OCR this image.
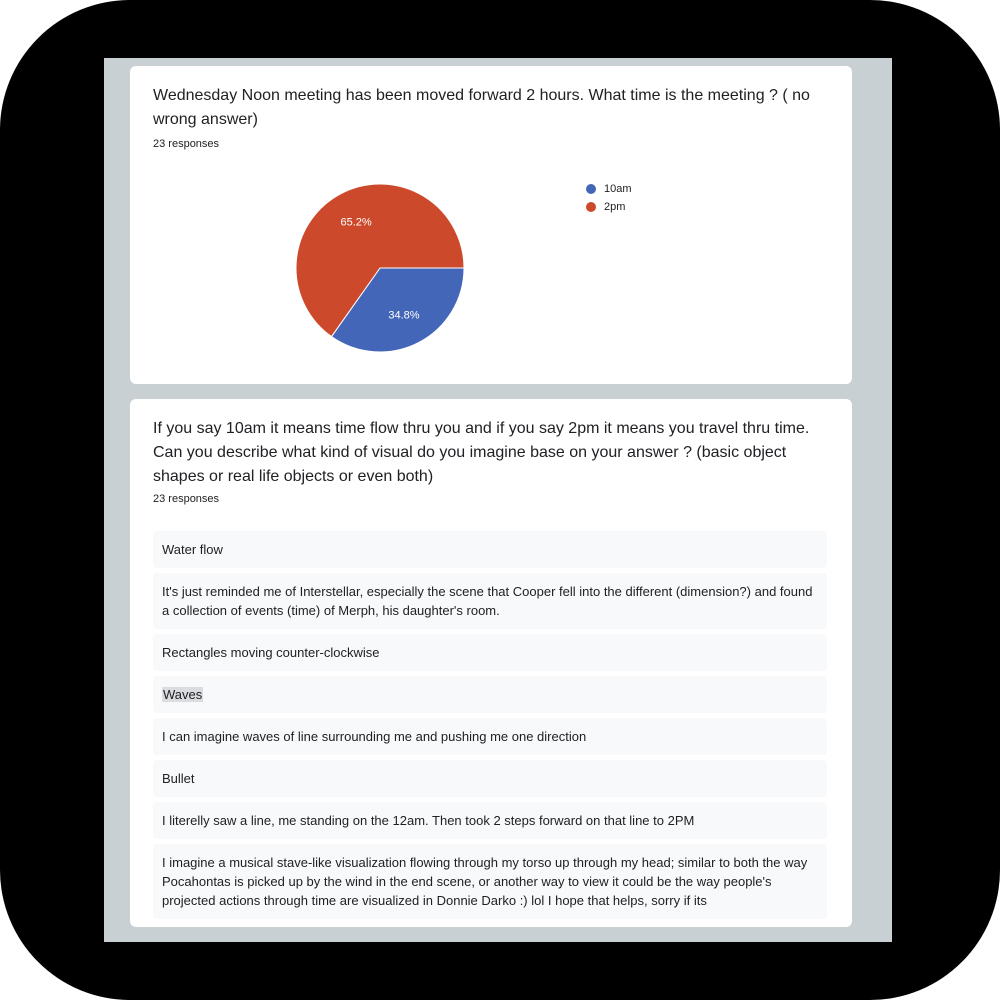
Wednesday Noon meeting has been moved forward 2 hours. What time is the meeting ? ( no wrong answer)
23 responses
34.8%
65.2%
10am
2pm
If you say 10am it means time flow thru you and if you say 2pm it means you travel thru time. Can you describe what kind of visual do you imagine base on your answer ? (basic object shapes or real life objects or even both)
23 responses
Water flow
It's just reminded me of Interstellar, especially the scene that Cooper fell into the different (dimension?) and found a collection of events (time) of Merph, his daughter's room.
Rectangles moving counter-clockwise
Waves
I can imagine waves of line surrounding me and pushing me one direction
Bullet
I literelly saw a line, me standing on the 12am. Then took 2 steps forward on that line to 2PM
I imagine a musical stave-like visualization flowing through my torso up through my head; similar to both the way Pocahontas is picked up by the wind in the end scene, or another way to view it could be the way people's projected actions through time are visualized in Donnie Darko :) lol I hope that helps, sorry if its
